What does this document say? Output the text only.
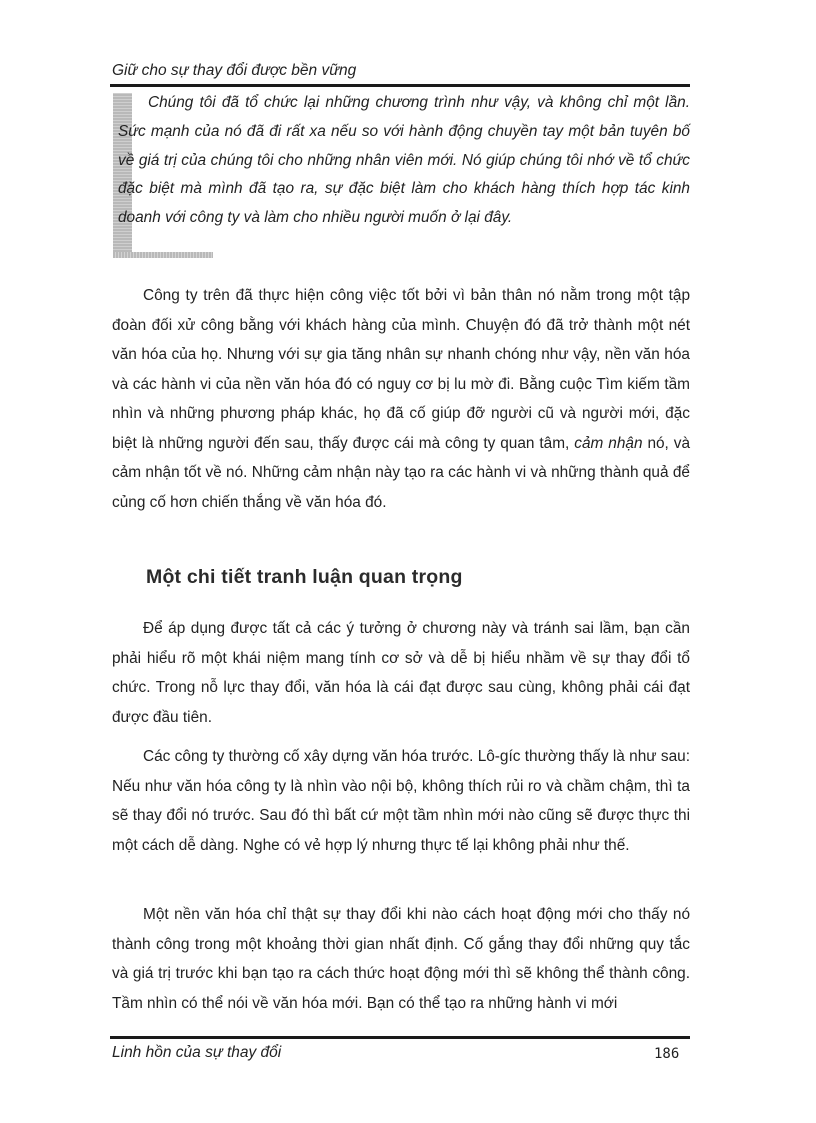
Giữ cho sự thay đổi được bền vững

Chúng tôi đã tổ chức lại những chương trình như vậy, và không chỉ một lần. Sức mạnh của nó đã đi rất xa nếu so với hành động chuyền tay một bản tuyên bố về giá trị của chúng tôi cho những nhân viên mới. Nó giúp chúng tôi nhớ về tổ chức đặc biệt mà mình đã tạo ra, sự đặc biệt làm cho khách hàng thích hợp tác kinh doanh với công ty và làm cho nhiều người muốn ở lại đây.

Công ty trên đã thực hiện công việc tốt bởi vì bản thân nó nằm trong một tập đoàn đối xử công bằng với khách hàng của mình. Chuyện đó đã trở thành một nét văn hóa của họ. Nhưng với sự gia tăng nhân sự nhanh chóng như vậy, nền văn hóa và các hành vi của nền văn hóa đó có nguy cơ bị lu mờ đi. Bằng cuộc Tìm kiếm tầm nhìn và những phương pháp khác, họ đã cố giúp đỡ người cũ và người mới, đặc biệt là những người đến sau, thấy được cái mà công ty quan tâm, cảm nhận nó, và cảm nhận tốt về nó. Những cảm nhận này tạo ra các hành vi và những thành quả để củng cố hơn chiến thắng về văn hóa đó.

Một chi tiết tranh luận quan trọng

Để áp dụng được tất cả các ý tưởng ở chương này và tránh sai lầm, bạn cần phải hiểu rõ một khái niệm mang tính cơ sở và dễ bị hiểu nhầm về sự thay đổi tổ chức. Trong nỗ lực thay đổi, văn hóa là cái đạt được sau cùng, không phải cái đạt được đầu tiên.

Các công ty thường cố xây dựng văn hóa trước. Lô-gíc thường thấy là như sau: Nếu như văn hóa công ty là nhìn vào nội bộ, không thích rủi ro và chầm chậm, thì ta sẽ thay đổi nó trước. Sau đó thì bất cứ một tầm nhìn mới nào cũng sẽ được thực thi một cách dễ dàng. Nghe có vẻ hợp lý nhưng thực tế lại không phải như thế.

Một nền văn hóa chỉ thật sự thay đổi khi nào cách hoạt động mới cho thấy nó thành công trong một khoảng thời gian nhất định. Cố gắng thay đổi những quy tắc và giá trị trước khi bạn tạo ra cách thức hoạt động mới thì sẽ không thể thành công. Tầm nhìn có thể nói về văn hóa mới. Bạn có thể tạo ra những hành vi mới

Linh hồn của sự thay đổi	186
